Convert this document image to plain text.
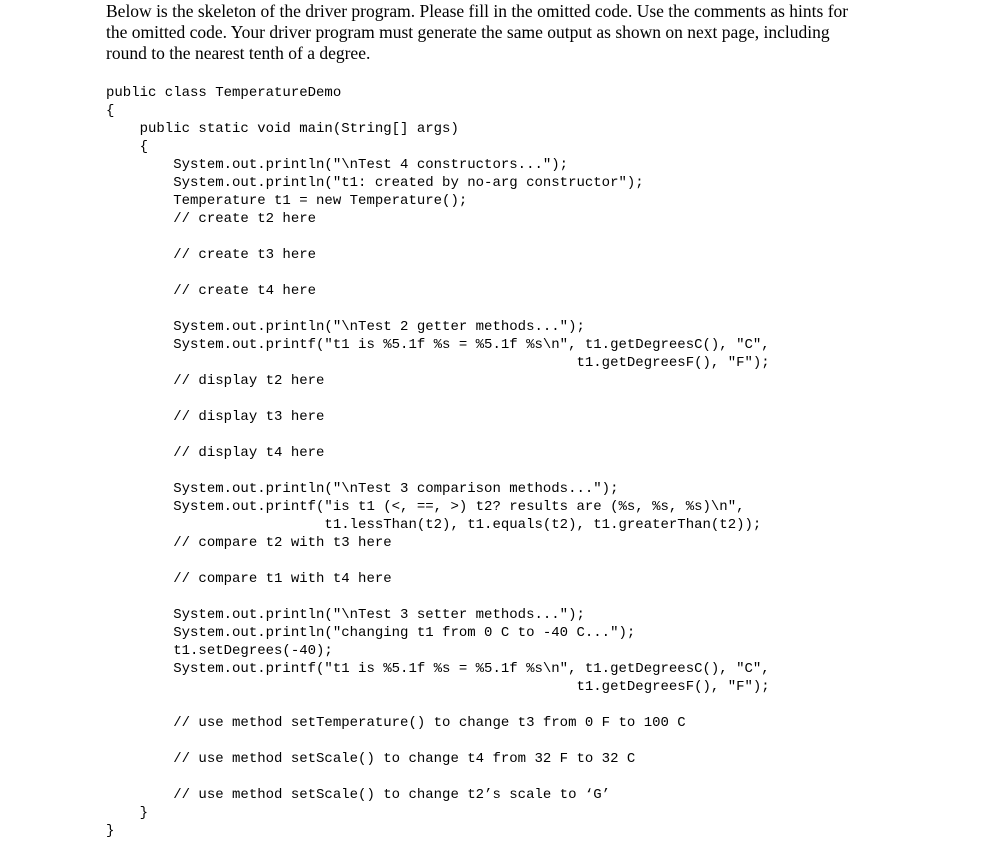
Below is the skeleton of the driver program. Please fill in the omitted code. Use the comments as hints for
the omitted code. Your driver program must generate the same output as shown on next page, including
round to the nearest tenth of a degree.
public class TemperatureDemo
{
public static void main(String[] args)
{
System.out.println("\nTest 4 constructors...");
System.out.println("t1: created by no-arg constructor");
Temperature t1 = new Temperature();
// create t2 here
// create t3 here
// create t4 here
System.out.println("\nTest 2 getter methods...");
System.out.printf("t1 is %5.1f %s = %5.1f %s\n", t1.getDegreesC(), "C",
t1.getDegreesF(), "F");
// display t2 here
// display t3 here
// display t4 here
System.out.println("\nTest 3 comparison methods...");
System.out.printf("is t1 (<, ==, >) t2? results are (%s, %s, %s)\n",
t1.lessThan(t2), t1.equals(t2), t1.greaterThan(t2));
// compare t2 with t3 here
// compare t1 with t4 here
System.out.println("\nTest 3 setter methods...");
System.out.println("changing t1 from 0 C to -40 C...");
t1.setDegrees(-40);
System.out.printf("t1 is %5.1f %s = %5.1f %s\n", t1.getDegreesC(), "C",
t1.getDegreesF(), "F");
// use method setTemperature() to change t3 from 0 F to 100 C
// use method setScale() to change t4 from 32 F to 32 C
// use method setScale() to change t2’s scale to ‘G’
}
}
